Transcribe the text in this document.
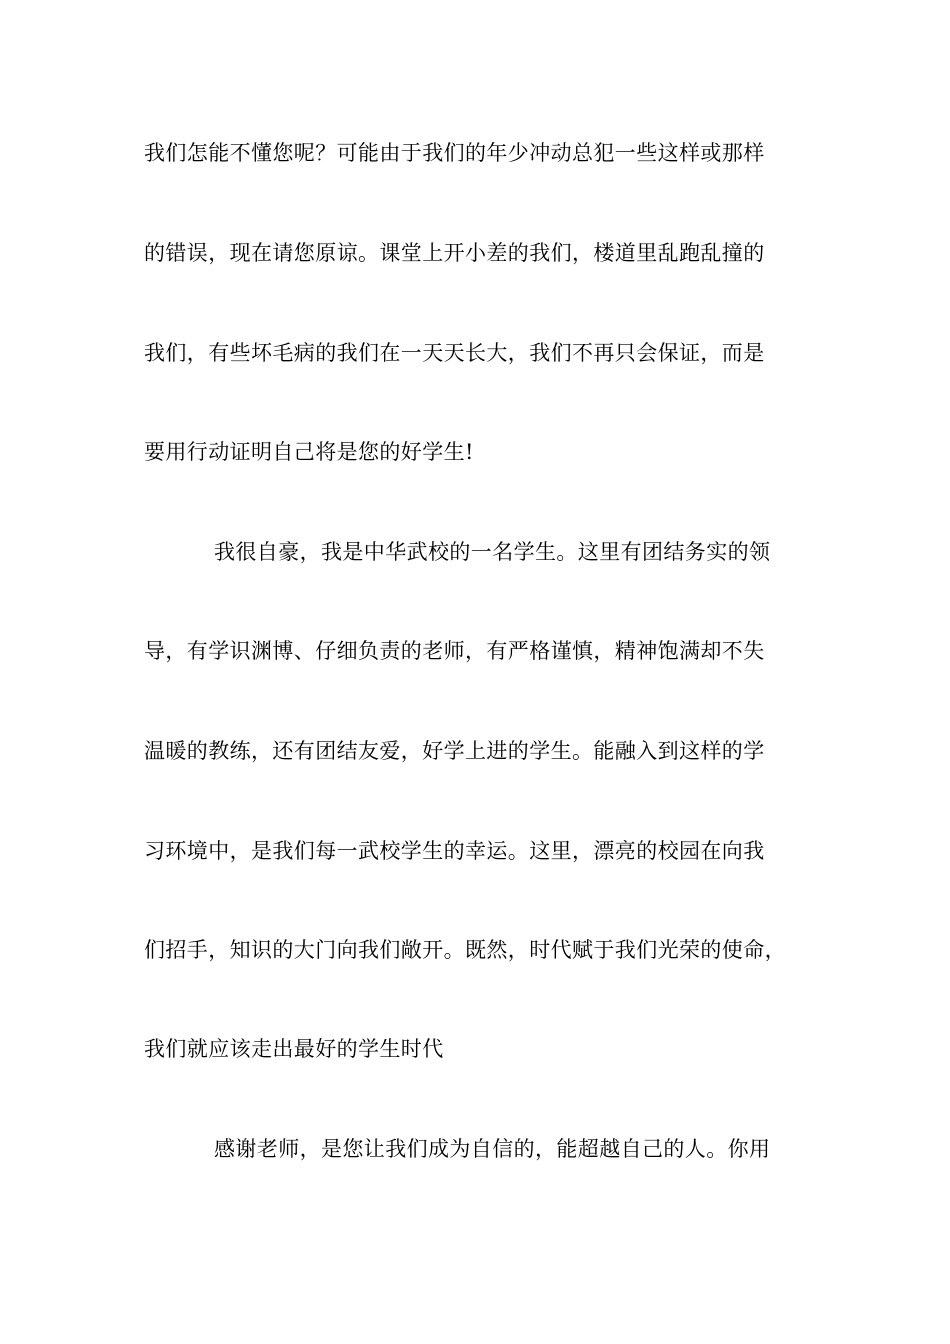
我们怎能不懂您呢？可能由于我们的年少冲动总犯一些这样或那样
的错误，现在请您原谅。课堂上开小差的我们，楼道里乱跑乱撞的
我们，有些坏毛病的我们在一天天长大，我们不再只会保证，而是
要用行动证明自己将是您的好学生!
我很自豪，我是中华武校的一名学生。这里有团结务实的领
导，有学识渊博、仔细负责的老师，有严格谨慎，精神饱满却不失
温暖的教练，还有团结友爱，好学上进的学生。能融入到这样的学
习环境中，是我们每一武校学生的幸运。这里，漂亮的校园在向我
们招手，知识的大门向我们敞开。既然，时代赋于我们光荣的使命，
我们就应该走出最好的学生时代
感谢老师，是您让我们成为自信的，能超越自己的人。你用
